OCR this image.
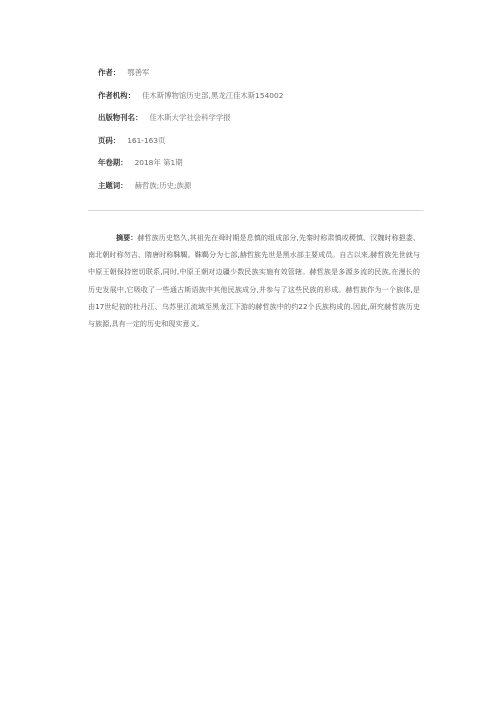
作者： 鄂善军
作者机构： 佳木斯博物馆历史部,黑龙江佳木斯154002
出版物刊名： 佳木斯大学社会科学学报
页码： 161-163页
年卷期： 2018年 第1期
主题词： 赫哲族;历史;族源
摘要：赫哲族历史悠久,其祖先在舜时期是息慎的组成部分,先秦时称肃慎或稷慎、汉魏时称挹娄、南北朝时称勿吉、隋唐时称靺鞨。靺鞨分为七部,赫哲族先世是黑水部主要成员。自古以来,赫哲族先世就与中原王朝保持密切联系,同时,中原王朝对边疆少数民族实施有效管辖。赫哲族是多源多流的民族,在漫长的历史发展中,它吸收了一些通古斯语族中其他民族成分,并参与了这些民族的形成。赫哲族作为一个族体,是由17世纪初的杜丹江、乌苏里江流域至黑龙江下游的赫哲族中的约22个氏族构成的.因此,研究赫哲族历史与族源,具有一定的历史和现实意义。
